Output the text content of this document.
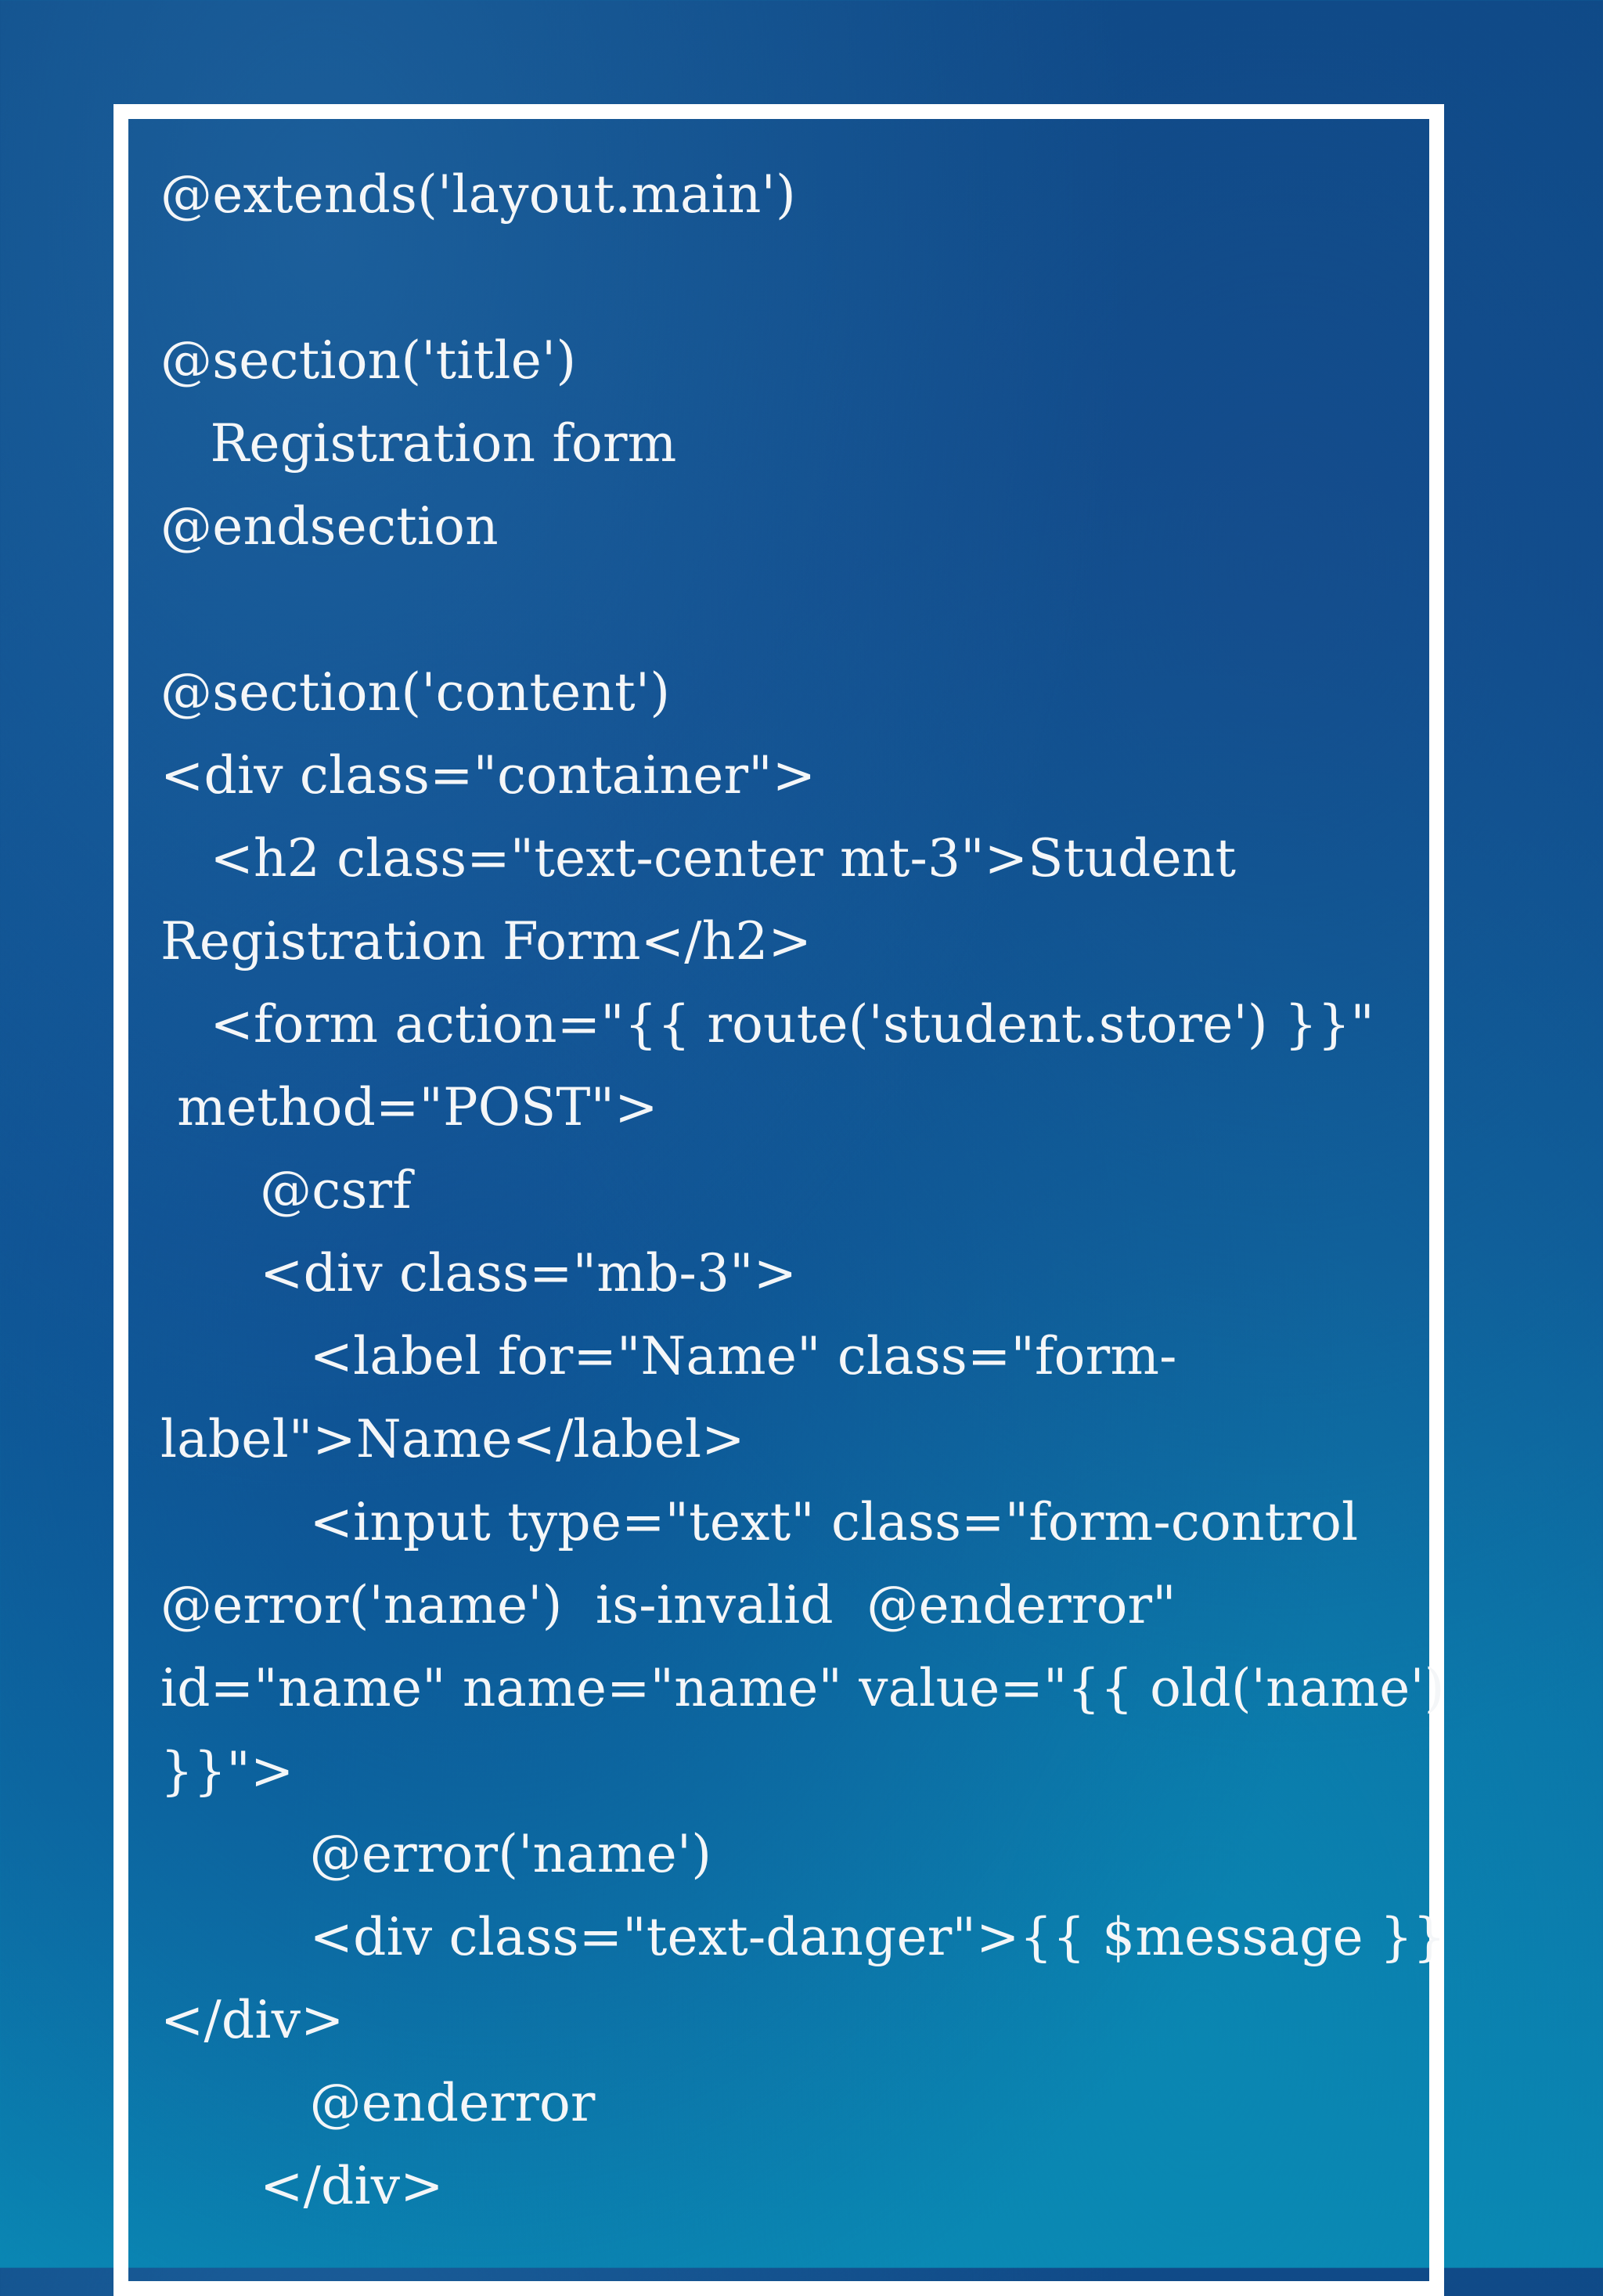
@extends('layout.main')
@section('title')
Registration form
@endsection
@section('content')
<div class="container">
<h2 class="text-center mt-3">Student
Registration Form</h2>
<form action="{{ route('student.store') }}"
method="POST">
@csrf
<div class="mb-3">
<label for="Name" class="form-
label">Name</label>
<input type="text" class="form-control
@error('name')  is-invalid  @enderror"
id="name" name="name" value="{{ old('name')
}}">
@error('name')
<div class="text-danger">{{ $message }}
</div>
@enderror
</div>
